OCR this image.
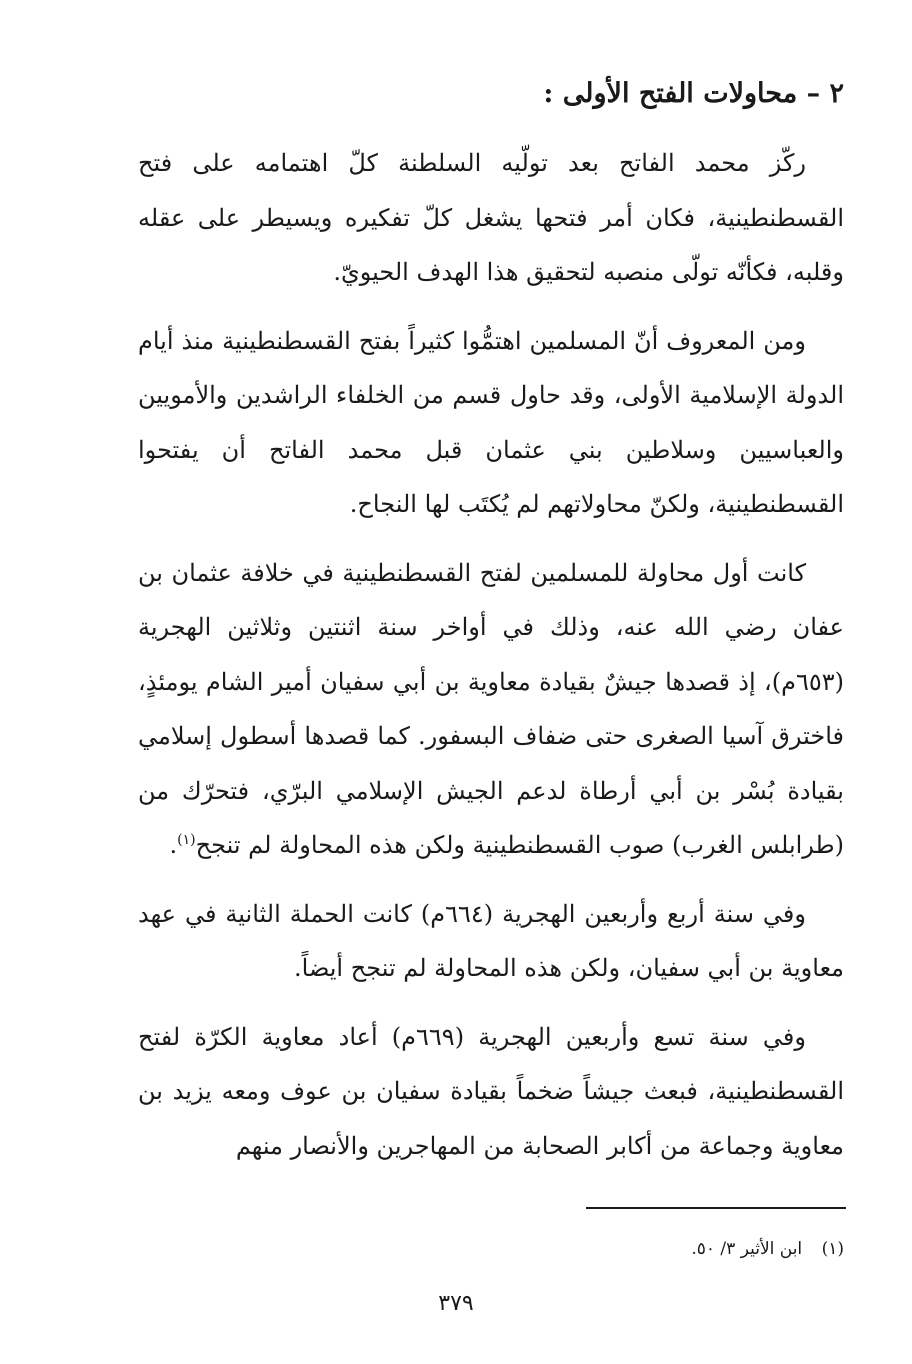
٢ – محاولات الفتح الأولى :

ركّز محمد الفاتح بعد تولّيه السلطنة كلّ اهتمامه على فتح القسطنطينية، فكان أمر فتحها يشغل كلّ تفكيره ويسيطر على عقله وقلبه، فكأنّه تولّى منصبه لتحقيق هذا الهدف الحيويّ.

ومن المعروف أنّ المسلمين اهتمُّوا كثيراً بفتح القسطنطينية منذ أيام الدولة الإسلامية الأولى، وقد حاول قسم من الخلفاء الراشدين والأمويين والعباسيين وسلاطين بني عثمان قبل محمد الفاتح أن يفتحوا القسطنطينية، ولكنّ محاولاتهم لم يُكتَب لها النجاح.

كانت أول محاولة للمسلمين لفتح القسطنطينية في خلافة عثمان بن عفان رضي الله عنه، وذلك في أواخر سنة اثنتين وثلاثين الهجرية (٦٥٣م)، إذ قصدها جيشٌ بقيادة معاوية بن أبي سفيان أمير الشام يومئذٍ، فاخترق آسيا الصغرى حتى ضفاف البسفور. كما قصدها أسطول إسلامي بقيادة بُسْر بن أبي أرطاة لدعم الجيش الإسلامي البرّي، فتحرّك من (طرابلس الغرب) صوب القسطنطينية ولكن هذه المحاولة لم تنجح$^{(١)}$.

وفي سنة أربع وأربعين الهجرية (٦٦٤م) كانت الحملة الثانية في عهد معاوية بن أبي سفيان، ولكن هذه المحاولة لم تنجح أيضاً.

وفي سنة تسع وأربعين الهجرية (٦٦٩م) أعاد معاوية الكرّة لفتح القسطنطينية، فبعث جيشاً ضخماً بقيادة سفيان بن عوف ومعه يزيد بن معاوية وجماعة من أكابر الصحابة من المهاجرين والأنصار منهم

(١) ابن الأثير ٣/ ٥٠.
٣٧٩
